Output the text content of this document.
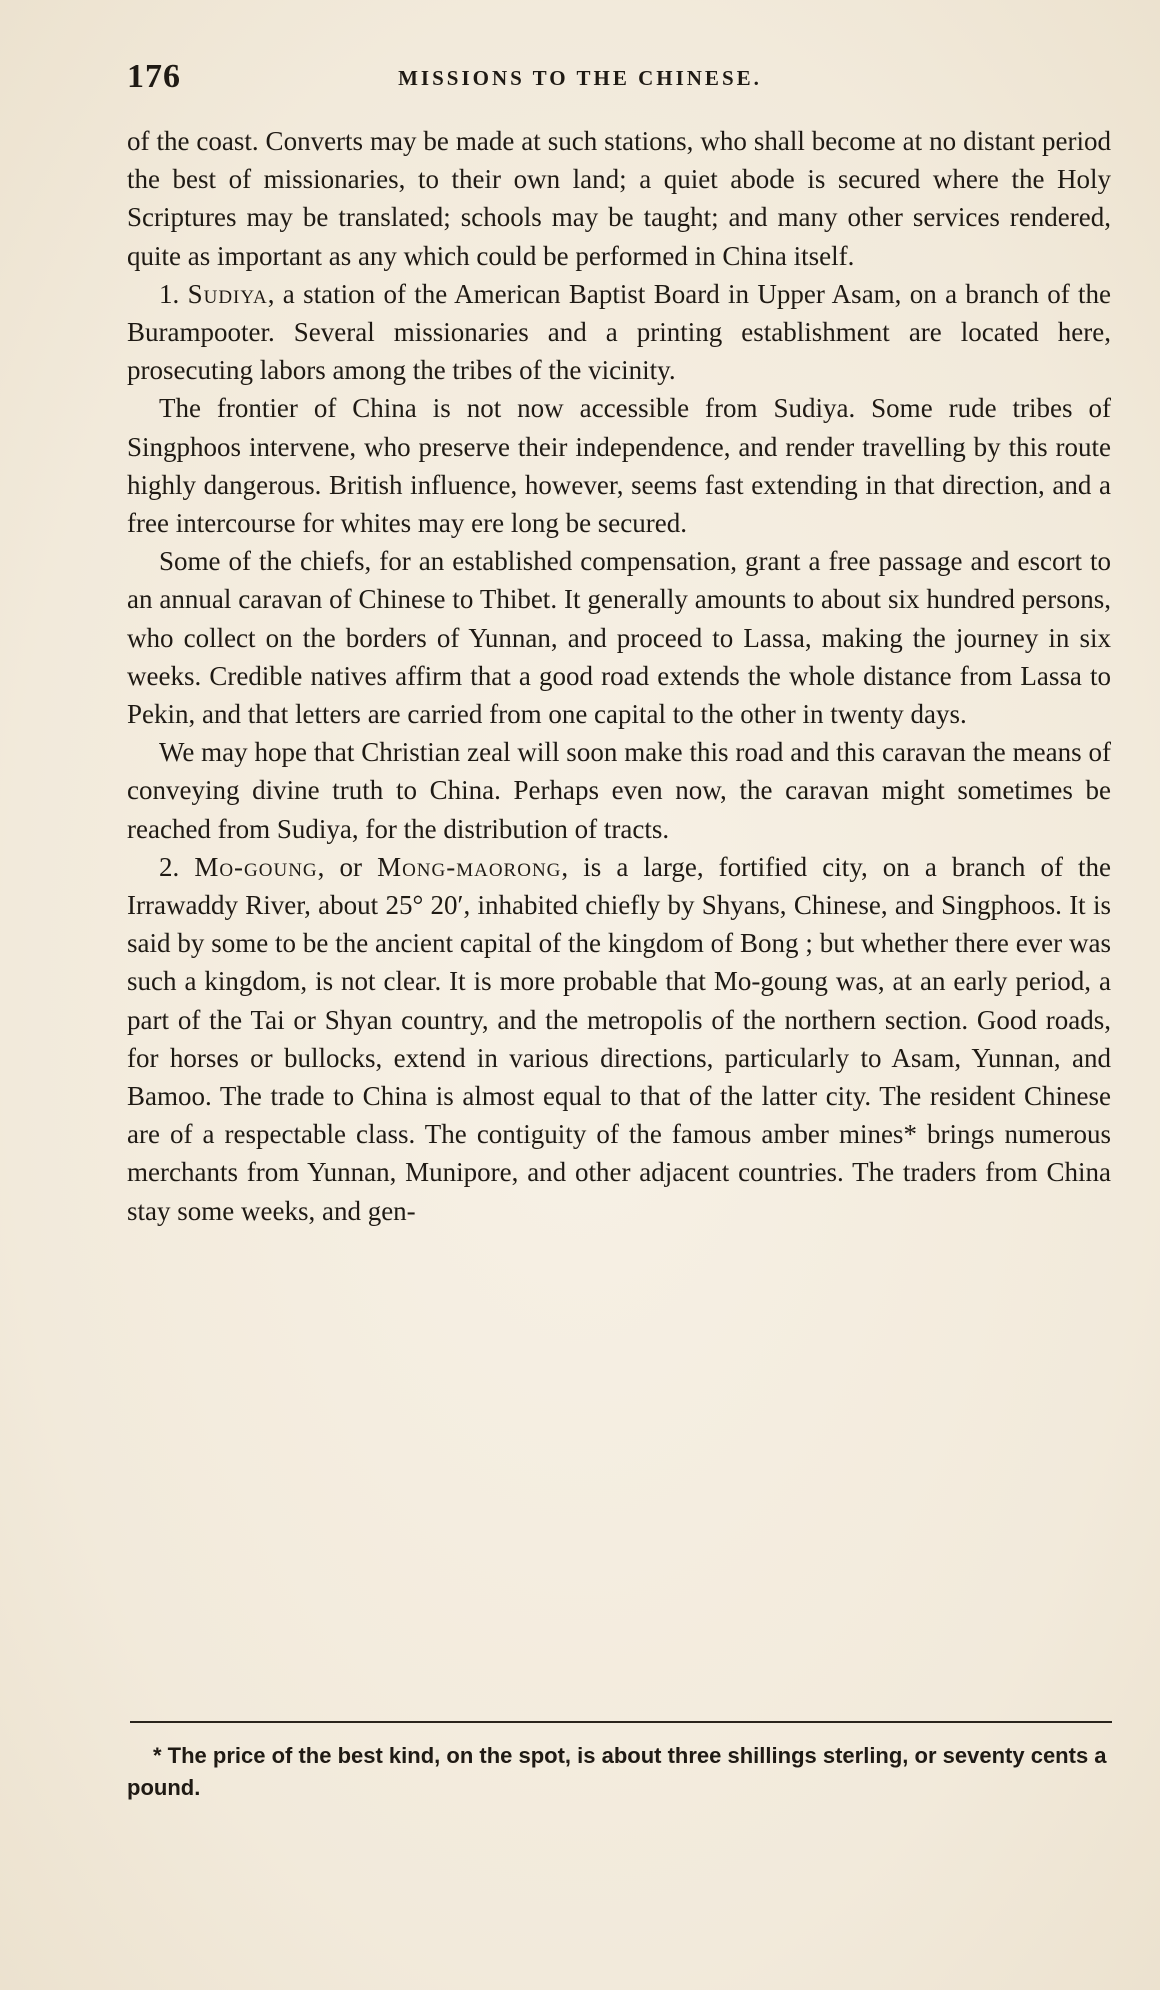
176	MISSIONS TO THE CHINESE.

of the coast. Converts may be made at such stations, who shall become at no distant period the best of missionaries, to their own land; a quiet abode is secured where the Holy Scriptures may be translated; schools may be taught; and many other services rendered, quite as important as any which could be performed in China itself.

1. Sudiya, a station of the American Baptist Board in Upper Asam, on a branch of the Burampooter. Several missionaries and a printing establishment are located here, prosecuting labors among the tribes of the vicinity.

The frontier of China is not now accessible from Sudiya. Some rude tribes of Singphoos intervene, who preserve their independence, and render travelling by this route highly dangerous. British influence, however, seems fast extending in that direction, and a free intercourse for whites may ere long be secured.

Some of the chiefs, for an established compensation, grant a free passage and escort to an annual caravan of Chinese to Thibet. It generally amounts to about six hundred persons, who collect on the borders of Yunnan, and proceed to Lassa, making the journey in six weeks. Credible natives affirm that a good road extends the whole distance from Lassa to Pekin, and that letters are carried from one capital to the other in twenty days.

We may hope that Christian zeal will soon make this road and this caravan the means of conveying divine truth to China. Perhaps even now, the caravan might sometimes be reached from Sudiya, for the distribution of tracts.

2. Mo-goung, or Mong-maorong, is a large, fortified city, on a branch of the Irrawaddy River, about 25° 20′, inhabited chiefly by Shyans, Chinese, and Singphoos. It is said by some to be the ancient capital of the kingdom of Bong ; but whether there ever was such a kingdom, is not clear. It is more probable that Mo-goung was, at an early period, a part of the Tai or Shyan country, and the metropolis of the northern section. Good roads, for horses or bullocks, extend in various directions, particularly to Asam, Yunnan, and Bamoo. The trade to China is almost equal to that of the latter city. The resident Chinese are of a respectable class. The contiguity of the famous amber mines* brings numerous merchants from Yunnan, Munipore, and other adjacent countries. The traders from China stay some weeks, and gen-

* The price of the best kind, on the spot, is about three shillings sterling, or seventy cents a pound.
